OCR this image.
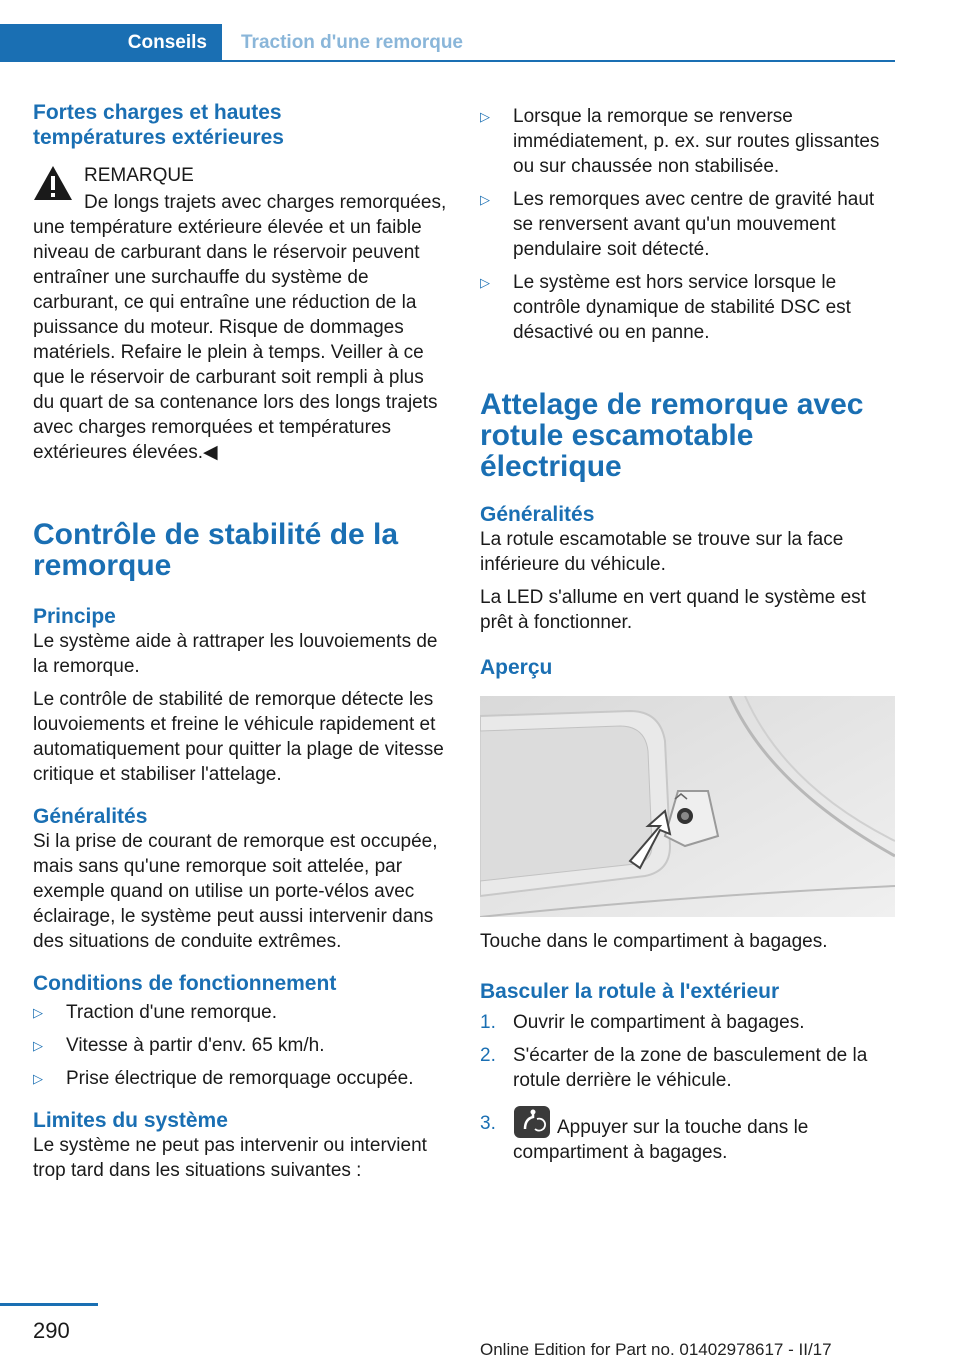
Conseils	Traction d'une remorque
Fortes charges et hautes températures extérieures

REMARQUE

De longs trajets avec charges remorquées, une température extérieure élevée et un faible niveau de carburant dans le réservoir peuvent entraîner une surchauffe du système de carburant, ce qui entraîne une réduction de la puissance du moteur. Risque de dommages matériels. Refaire le plein à temps. Veiller à ce que le réservoir de carburant soit rempli à plus du quart de sa contenance lors des longs trajets avec charges remorquées et températures extérieures élevées.◀

Contrôle de stabilité de la remorque
Principe

Le système aide à rattraper les louvoiements de la remorque.

Le contrôle de stabilité de remorque détecte les louvoiements et freine le véhicule rapidement et automatiquement pour quitter la plage de vitesse critique et stabiliser l'attelage.

Généralités

Si la prise de courant de remorque est occupée, mais sans qu'une remorque soit attelée, par exemple quand on utilise un porte-vélos avec éclairage, le système peut aussi intervenir dans des situations de conduite extrêmes.

Conditions de fonctionnement
▷ Traction d'une remorque.
▷ Vitesse à partir d'env. 65 km/h.
▷ Prise électrique de remorquage occupée.
Limites du système

Le système ne peut pas intervenir ou intervient trop tard dans les situations suivantes :

▷ Lorsque la remorque se renverse immédiatement, p. ex. sur routes glissantes ou sur chaussée non stabilisée.
▷ Les remorques avec centre de gravité haut se renversent avant qu'un mouvement pendulaire soit détecté.
▷ Le système est hors service lorsque le contrôle dynamique de stabilité DSC est désactivé ou en panne.
Attelage de remorque avec rotule escamotable électrique
Généralités

La rotule escamotable se trouve sur la face inférieure du véhicule.

La LED s'allume en vert quand le système est prêt à fonctionner.

Aperçu

Touche dans le compartiment à bagages.

Basculer la rotule à l'extérieur
1. Ouvrir le compartiment à bagages.
2. S'écarter de la zone de basculement de la rotule derrière le véhicule.
3.	Appuyer sur la touche dans le compartiment à bagages.
290
Online Edition for Part no. 01402978617 - II/17
